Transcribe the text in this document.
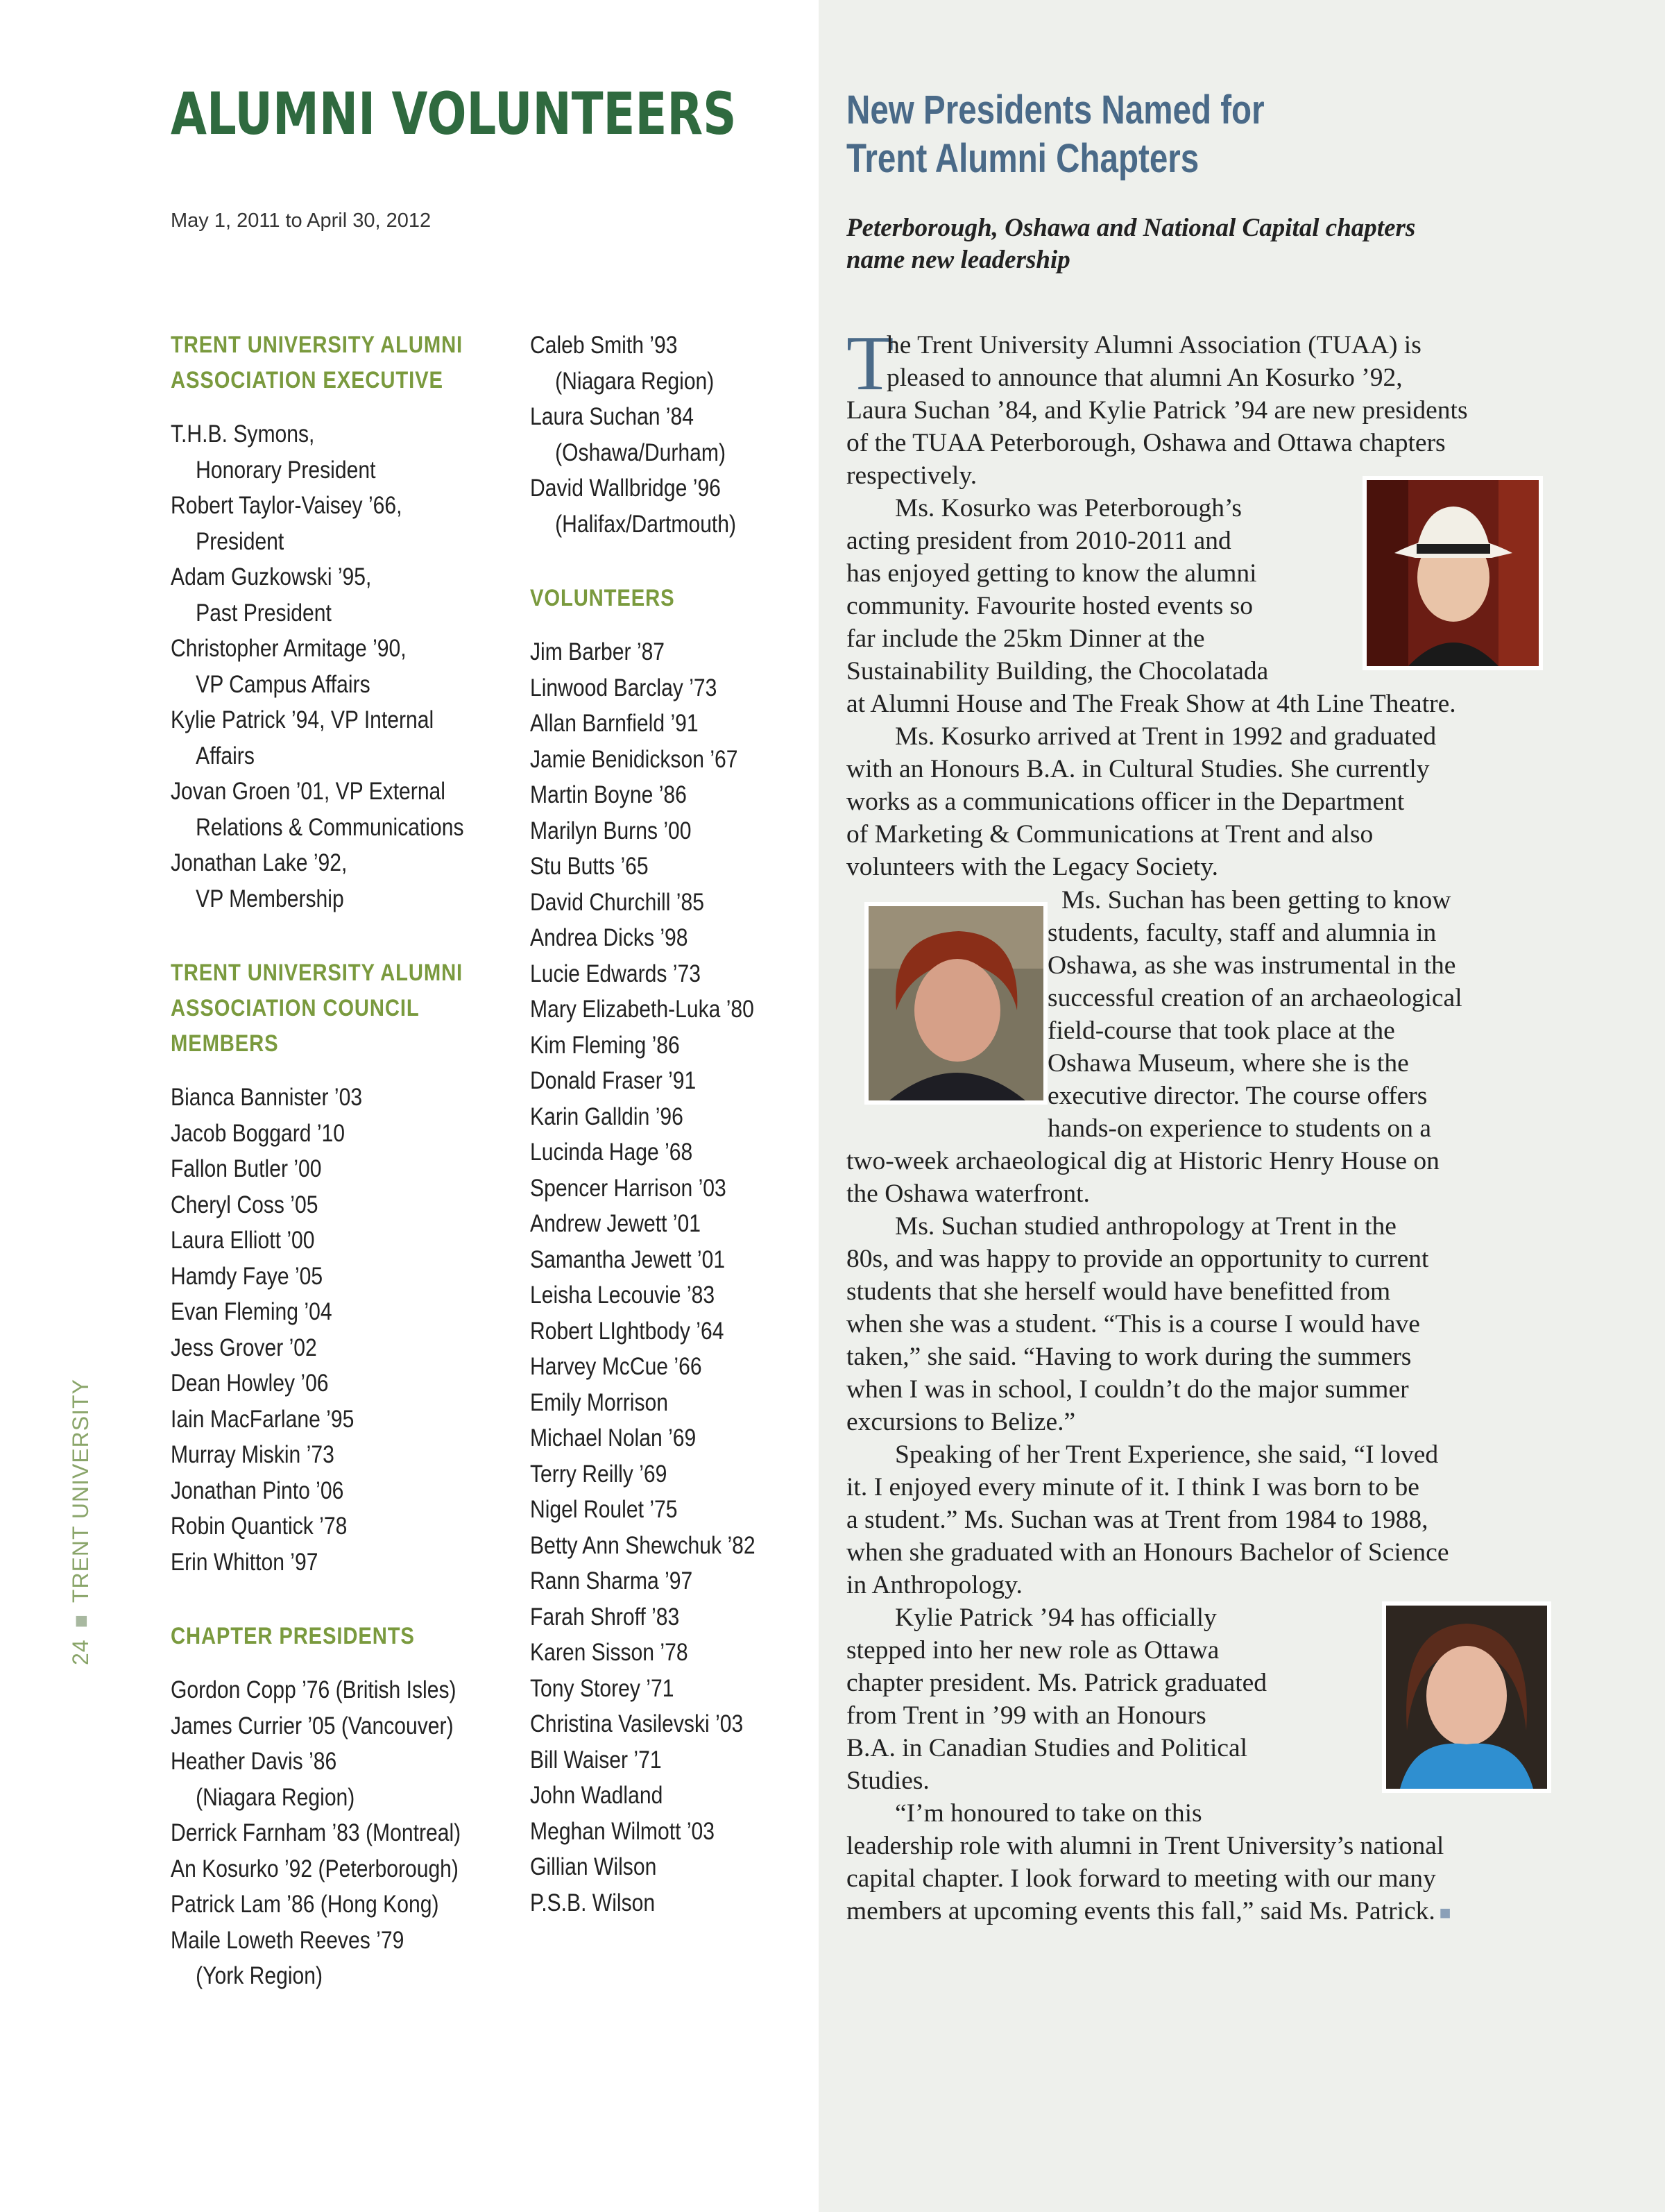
ALUMNI VOLUNTEERS
May 1, 2011 to April 30, 2012
TRENT UNIVERSITY ALUMNI
ASSOCIATION EXECUTIVE
T.H.B. Symons,
Honorary President
Robert Taylor-Vaisey ’66,
President
Adam Guzkowski ’95,
Past President
Christopher Armitage ’90,
VP Campus Affairs
Kylie Patrick ’94, VP Internal
Affairs
Jovan Groen ’01, VP External
Relations & Communications
Jonathan Lake ’92,
VP Membership
TRENT UNIVERSITY ALUMNI
ASSOCIATION COUNCIL
MEMBERS
Bianca Bannister ’03
Jacob Boggard ’10
Fallon Butler ’00
Cheryl Coss ’05
Laura Elliott ’00
Hamdy Faye ’05
Evan Fleming ’04
Jess Grover ’02
Dean Howley ’06
Iain MacFarlane ’95
Murray Miskin ’73
Jonathan Pinto ’06
Robin Quantick ’78
Erin Whitton ’97
CHAPTER PRESIDENTS
Gordon Copp ’76 (British Isles)
James Currier ’05 (Vancouver)
Heather Davis ’86
(Niagara Region)
Derrick Farnham ’83 (Montreal)
An Kosurko ’92 (Peterborough)
Patrick Lam ’86 (Hong Kong)
Maile Loweth Reeves ’79
(York Region)
Caleb Smith ’93
(Niagara Region)
Laura Suchan ’84
(Oshawa/Durham)
David Wallbridge ’96
(Halifax/Dartmouth)
VOLUNTEERS
Jim Barber ’87
Linwood Barclay ’73
Allan Barnfield ’91
Jamie Benidickson ’67
Martin Boyne ’86
Marilyn Burns ’00
Stu Butts ’65
David Churchill ’85
Andrea Dicks ’98
Lucie Edwards ’73
Mary Elizabeth-Luka ’80
Kim Fleming ’86
Donald Fraser ’91
Karin Galldin ’96
Lucinda Hage ’68
Spencer Harrison ’03
Andrew Jewett ’01
Samantha Jewett ’01
Leisha Lecouvie ’83
Robert LIghtbody ’64
Harvey McCue ’66
Emily Morrison
Michael Nolan ’69
Terry Reilly ’69
Nigel Roulet ’75
Betty Ann Shewchuk ’82
Rann Sharma ’97
Farah Shroff ’83
Karen Sisson ’78
Tony Storey ’71
Christina Vasilevski ’03
Bill Waiser ’71
John Wadland
Meghan Wilmott ’03
Gillian Wilson
P.S.B. Wilson
24■TRENT UNIVERSITY
New Presidents Named for
Trent Alumni Chapters
Peterborough, Oshawa and National Capital chapters
name new leadership
T
he Trent University Alumni Association (TUAA) is
pleased to announce that alumni An Kosurko ’92,
Laura Suchan ’84, and Kylie Patrick ’94 are new presidents
of the TUAA Peterborough, Oshawa and Ottawa chapters
respectively.
Ms. Kosurko was Peterborough’s
acting president from 2010-2011 and
has enjoyed getting to know the alumni
community. Favourite hosted events so
far include the 25km Dinner at the
Sustainability Building, the Chocolatada
at Alumni House and The Freak Show at 4th Line Theatre.
Ms. Kosurko arrived at Trent in 1992 and graduated
with an Honours B.A. in Cultural Studies. She currently
works as a communications officer in the Department
of Marketing & Communications at Trent and also
volunteers with the Legacy Society.
Ms. Suchan has been getting to know
students, faculty, staff and alumnia in
Oshawa, as she was instrumental in the
successful creation of an archaeological
field-course that took place at the
Oshawa Museum, where she is the
executive director. The course offers
hands-on experience to students on a
two-week archaeological dig at Historic Henry House on
the Oshawa waterfront.
Ms. Suchan studied anthropology at Trent in the
80s, and was happy to provide an opportunity to current
students that she herself would have benefitted from
when she was a student. “This is a course I would have
taken,” she said. “Having to work during the summers
when I was in school, I couldn’t do the major summer
excursions to Belize.”
Speaking of her Trent Experience, she said, “I loved
it. I enjoyed every minute of it. I think I was born to be
a student.” Ms. Suchan was at Trent from 1984 to 1988,
when she graduated with an Honours Bachelor of Science
in Anthropology.
Kylie Patrick ’94 has officially
stepped into her new role as Ottawa
chapter president. Ms. Patrick graduated
from Trent in ’99 with an Honours
B.A. in Canadian Studies and Political
Studies.
“I’m honoured to take on this
leadership role with alumni in Trent University’s national
capital chapter. I look forward to meeting with our many
members at upcoming events this fall,” said Ms. Patrick. ■
